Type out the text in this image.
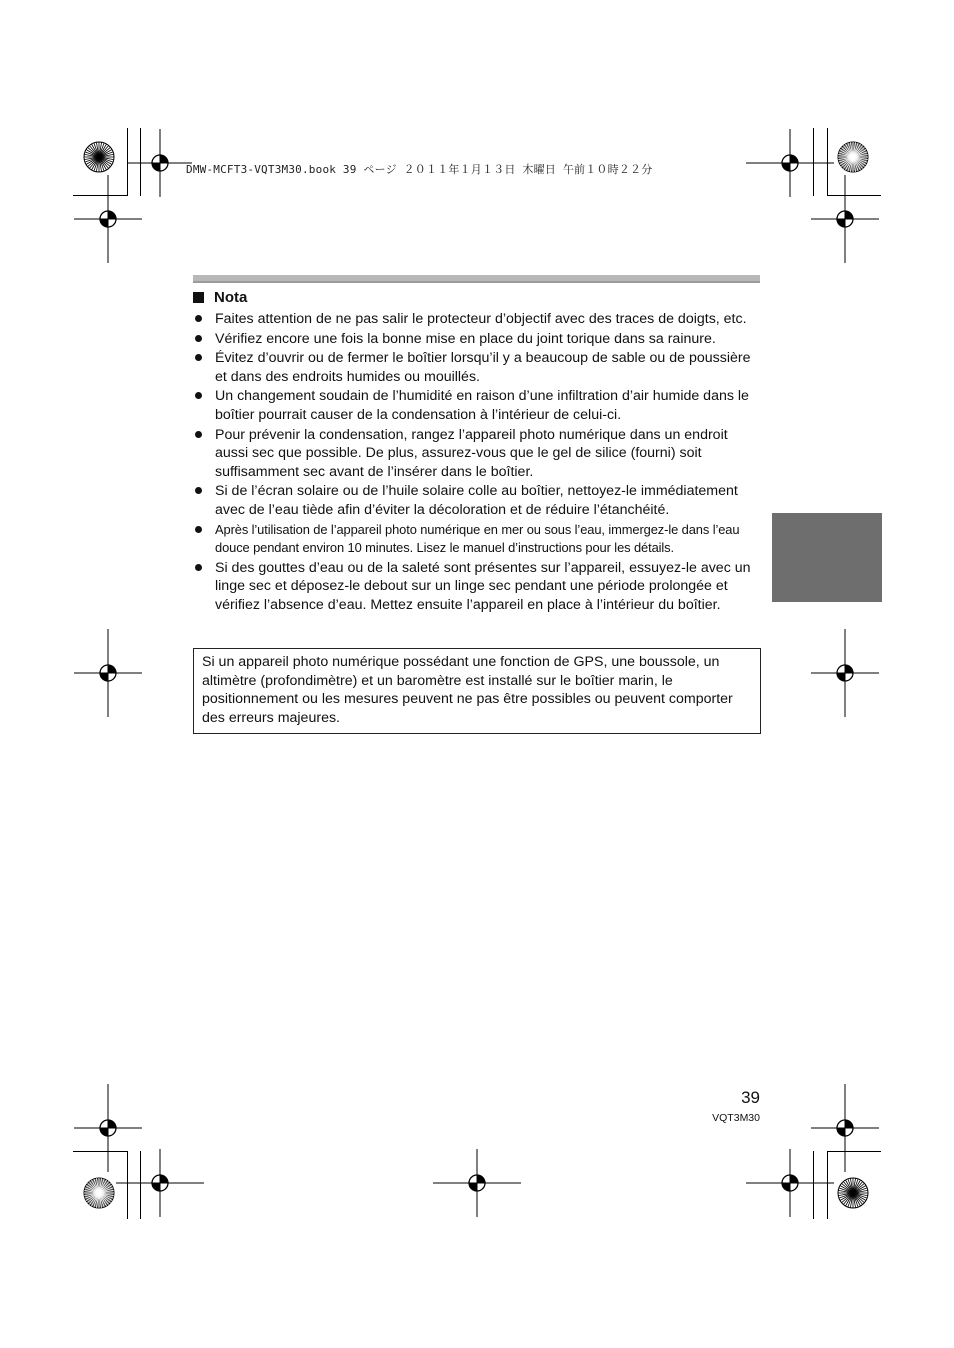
DMW-MCFT3-VQT3M30.book 39 ページ ２０１１年１月１３日 木曜日 午前１０時２２分
Nota
Faites attention de ne pas salir le protecteur d’objectif avec des traces de doigts, etc.
Vérifiez encore une fois la bonne mise en place du joint torique dans sa rainure.
Évitez d’ouvrir ou de fermer le boîtier lorsqu’il y a beaucoup de sable ou de poussière et dans des endroits humides ou mouillés.
Un changement soudain de l’humidité en raison d’une infiltration d’air humide dans le boîtier pourrait causer de la condensation à l’intérieur de celui-ci.
Pour prévenir la condensation, rangez l’appareil photo numérique dans un endroit aussi sec que possible. De plus, assurez-vous que le gel de silice (fourni) soit suffisamment sec avant de l’insérer dans le boîtier.
Si de l’écran solaire ou de l’huile solaire colle au boîtier, nettoyez-le immédiatement avec de l’eau tiède afin d’éviter la décoloration et de réduire l’étanchéité.
Après l’utilisation de l’appareil photo numérique en mer ou sous l’eau, immergez-le dans l’eau douce pendant environ 10 minutes. Lisez le manuel d’instructions pour les détails.
Si des gouttes d’eau ou de la saleté sont présentes sur l’appareil, essuyez-le avec un linge sec et déposez-le debout sur un linge sec pendant une période prolongée et vérifiez l’absence d’eau. Mettez ensuite l’appareil en place à l’intérieur du boîtier.
Si un appareil photo numérique possédant une fonction de GPS, une boussole, un altimètre (profondimètre) et un baromètre est installé sur le boîtier marin, le positionnement ou les mesures peuvent ne pas être possibles ou peuvent comporter des erreurs majeures.
39
VQT3M30
